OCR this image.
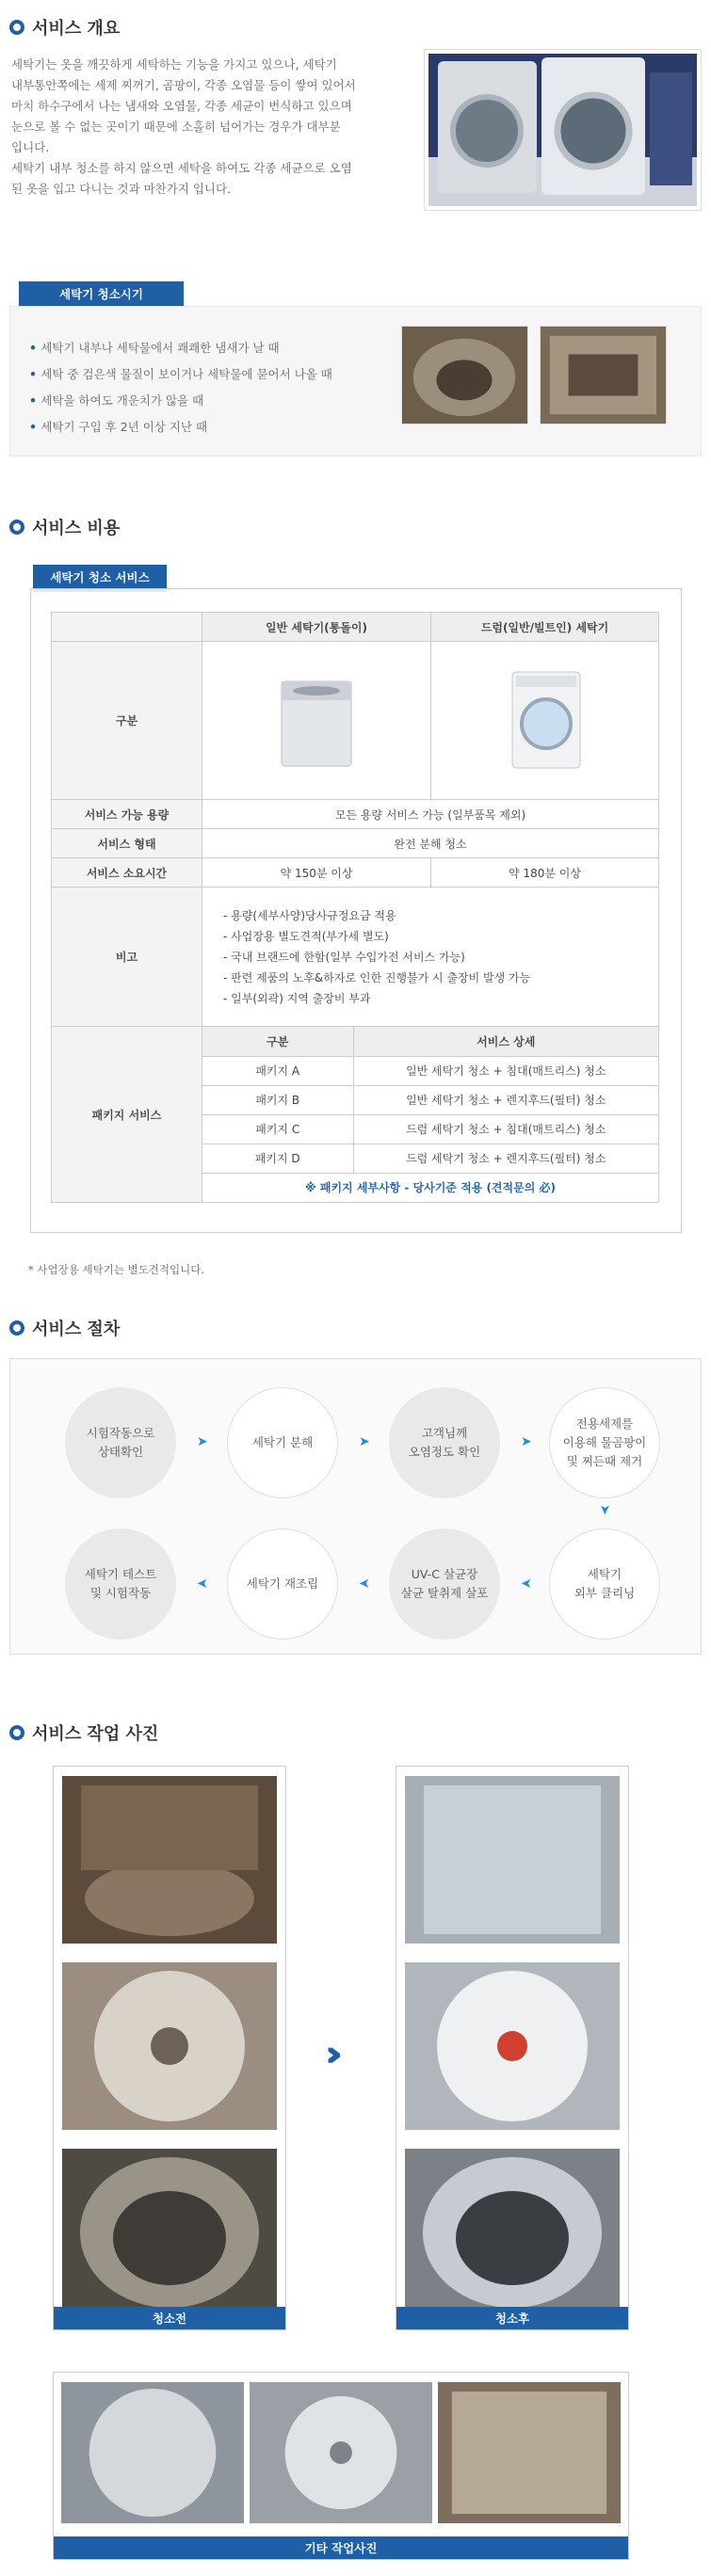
서비스 개요
세탁기는 옷을 깨끗하게 세탁하는 기능을 가지고 있으나, 세탁기
내부통안쪽에는 세제 찌꺼기, 곰팡이, 각종 오염물 등이 쌓여 있어서
마치 하수구에서 나는 냄새와 오염물, 각종 세균이 번식하고 있으며
눈으로 볼 수 없는 곳이기 때문에 소홀히 넘어가는 경우가 대부분
입니다.
세탁기 내부 청소를 하지 않으면 세탁을 하여도 각종 세균으로 오염
된 옷을 입고 다니는 것과 마찬가지 입니다.
세탁기 청소시기
• 세탁기 내부나 세탁물에서 쾌쾌한 냄새가 날 때
• 세탁 중 검은색 물질이 보이거나 세탁물에 묻어서 나올 때
• 세탁을 하여도 개운치가 않을 때
• 세탁기 구입 후 2년 이상 지난 때
서비스 비용
세탁기 청소 서비스
	일반 세탁기(통돌이)	드럼(일반/빌트인) 세탁기
구분		
서비스 가능 용량	모든 용량 서비스 가능 (일부품목 제외)
서비스 형태	완전 분해 청소
서비스 소요시간	약 150분 이상	약 180분 이상
비고	
- 용량(세부사양)당사규정요금 적용
- 사업장용 별도견적(부가세 별도)
- 국내 브랜드에 한함(일부 수입가전 서비스 가능)
- 판련 제품의 노후&하자로 인한 진행불가 시 출장비 발생 가능
- 일부(외곽) 지역 출장비 부과

패키지 서비스	
구분	서비스 상세
패키지 A	일반 세탁기 청소 + 침대(매트리스) 청소
패키지 B	일반 세탁기 청소 + 렌지후드(필터) 청소
패키지 C	드럼 세탁기 청소 + 침대(매트리스) 청소
패키지 D	드럼 세탁기 청소 + 렌지후드(필터) 청소
※ 패키지 세부사항 - 당사기준 적용 (견적문의 必)
* 사업장용 세탁기는 별도견적입니다.
서비스 절차
시험작동으로
상태확인
➤	세탁기 분해	➤
고객님께
오염정도 확인
➤
전용세제를
이용해 물곰팡이
및 찌든때 제거
➤
세탁기
외부 클리닝
➤
UV-C 살균장
살균 탈취제 살포
➤
세탁기 재조립
➤
세탁기 테스트
및 시험작동
서비스 작업 사진

청소전
›››

청소후
기타 작업사진
